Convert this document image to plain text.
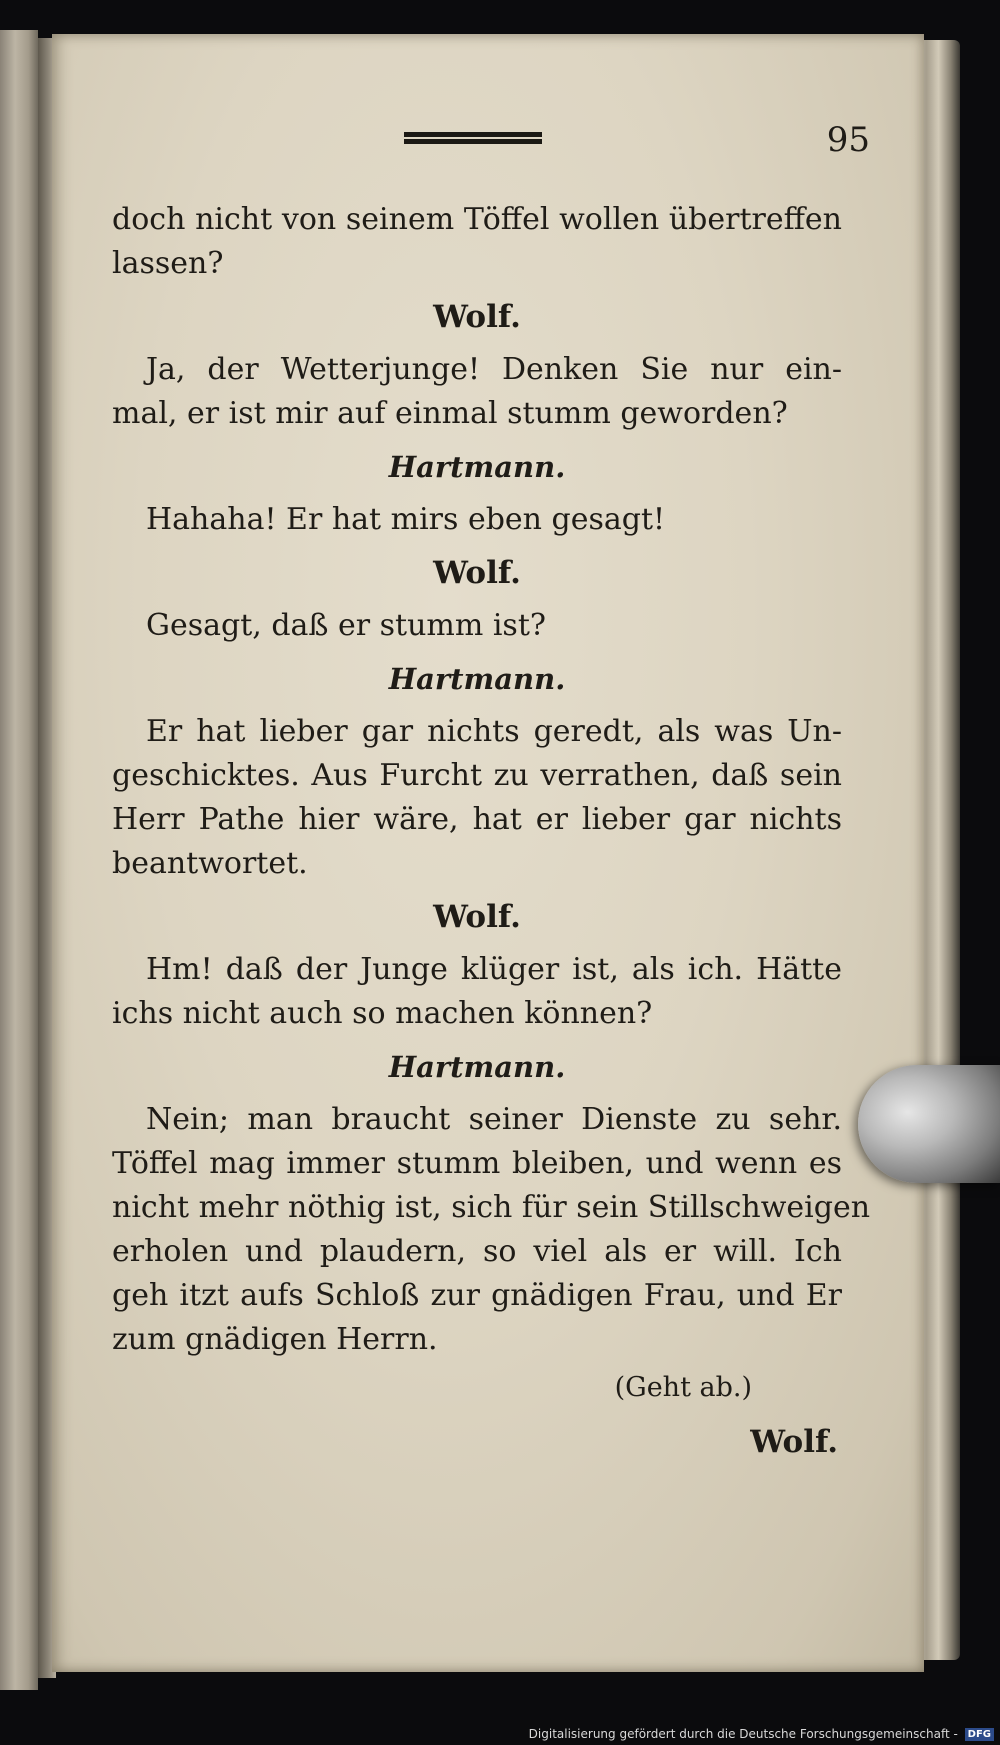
95
doch nicht von seinem Töffel wollen übertreffen
lassen?
Wolf.
Ja, der Wetterjunge! Denken Sie nur ein-
mal, er ist mir auf einmal stumm geworden?
Hartmann.
Hahaha! Er hat mirs eben gesagt!
Wolf.
Gesagt, daß er stumm ist?
Hartmann.
Er hat lieber gar nichts geredt, als was Un-
geschicktes. Aus Furcht zu verrathen, daß sein
Herr Pathe hier wäre, hat er lieber gar nichts
beantwortet.
Wolf.
Hm! daß der Junge klüger ist, als ich. Hätte
ichs nicht auch so machen können?
Hartmann.
Nein; man braucht seiner Dienste zu sehr.
Töffel mag immer stumm bleiben, und wenn es
nicht mehr nöthig ist, sich für sein Stillschweigen
erholen und plaudern, so viel als er will. Ich
geh itzt aufs Schloß zur gnädigen Frau, und Er
zum gnädigen Herrn.
(Geht ab.)
Wolf.
Digitalisierung gefördert durch die Deutsche Forschungsgemeinschaft - DFG
